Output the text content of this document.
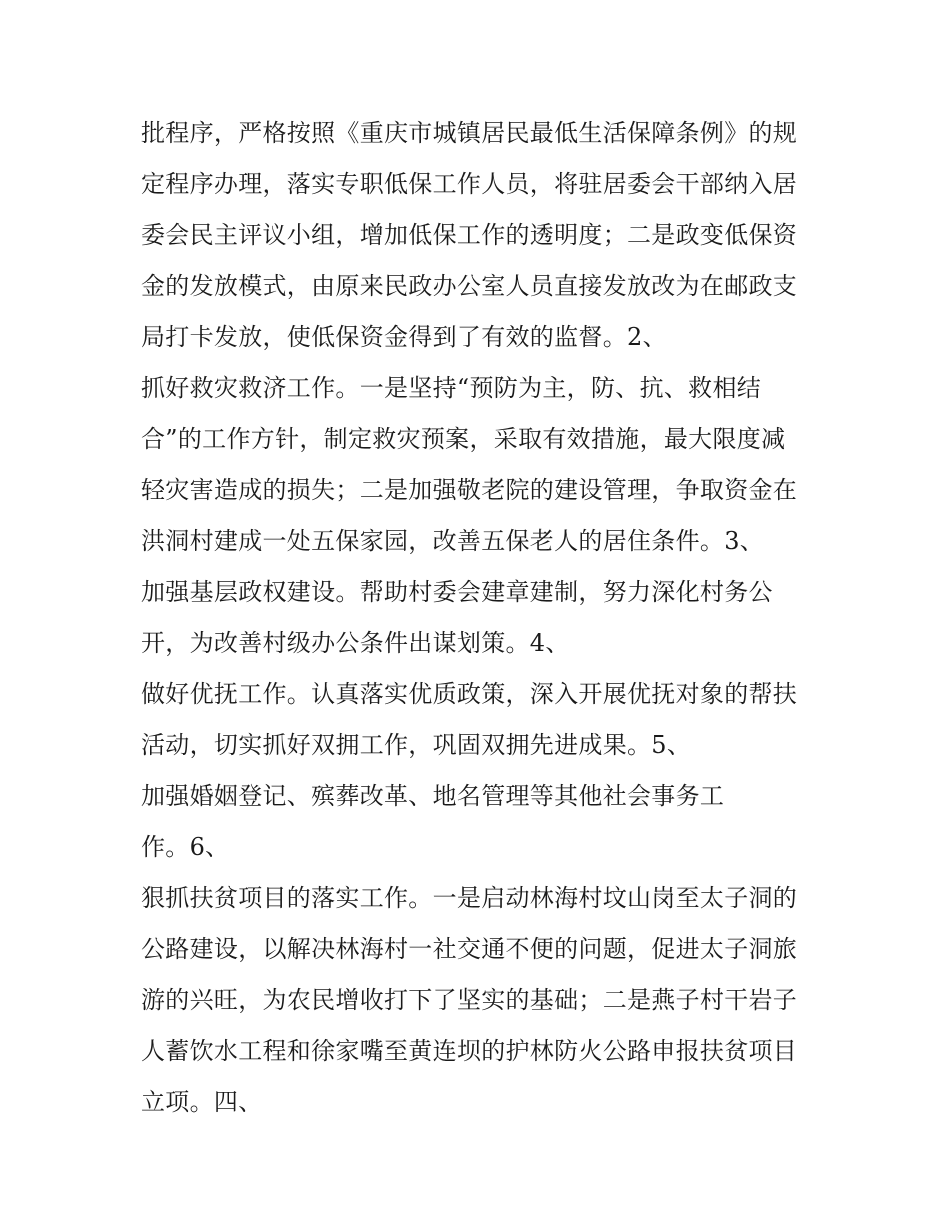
批程序，严格按照《重庆市城镇居民最低生活保障条例》的规
定程序办理，落实专职低保工作人员，将驻居委会干部纳入居
委会民主评议小组，增加低保工作的透明度；二是政变低保资
金的发放模式，由原来民政办公室人员直接发放改为在邮政支
局打卡发放，使低保资金得到了有效的监督。2、
抓好救灾救济工作。一是坚持“预防为主，防、抗、救相结
合”的工作方针，制定救灾预案，采取有效措施，最大限度减
轻灾害造成的损失；二是加强敬老院的建设管理，争取资金在
洪洞村建成一处五保家园，改善五保老人的居住条件。3、
加强基层政权建设。帮助村委会建章建制，努力深化村务公
开，为改善村级办公条件出谋划策。4、
做好优抚工作。认真落实优质政策，深入开展优抚对象的帮扶
活动，切实抓好双拥工作，巩固双拥先进成果。5、
加强婚姻登记、殡葬改革、地名管理等其他社会事务工
作。6、
狠抓扶贫项目的落实工作。一是启动林海村坟山岗至太子洞的
公路建设，以解决林海村一社交通不便的问题，促进太子洞旅
游的兴旺，为农民增收打下了坚实的基础；二是燕子村干岩子
人蓄饮水工程和徐家嘴至黄连坝的护林防火公路申报扶贫项目
立项。四、
